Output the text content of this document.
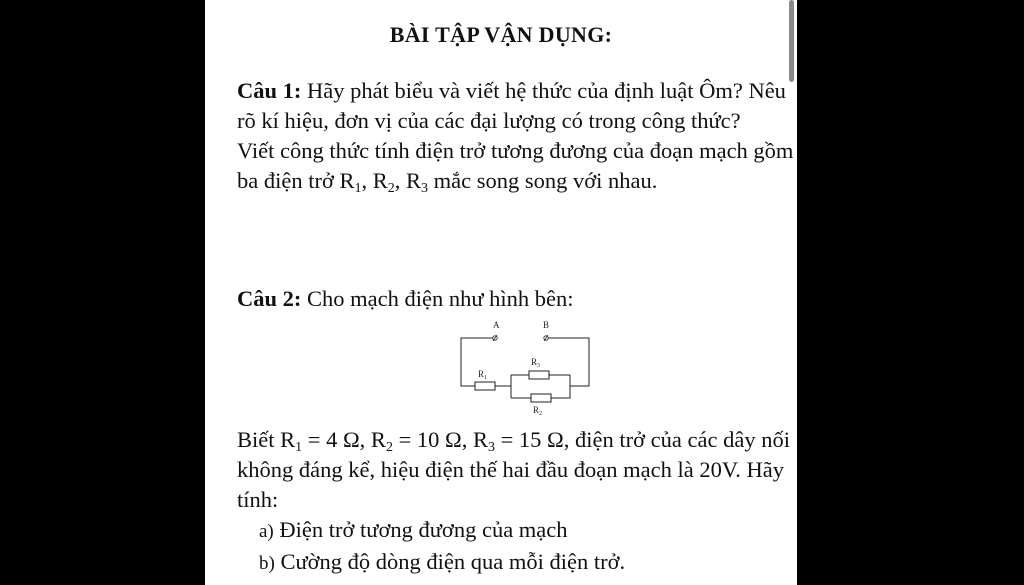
BÀI TẬP VẬN DỤNG:

Câu 1: Hãy phát biểu và viết hệ thức của định luật Ôm? Nêu rõ kí hiệu, đơn vị của các đại lượng có trong công thức?

Viết công thức tính điện trở tương đương của đoạn mạch gồm ba điện trở $R_1$, $R_2$, $R_3$ mắc song song với nhau.

Câu 2: Cho mạch điện như hình bên:

A	B
$R_1$
$R_3$
$R_2$

Biết $R_1 = 4$ Ω, $R_2 = 10$ Ω, $R_3 = 15$ Ω, điện trở của các dây nối không đáng kể, hiệu điện thế hai đầu đoạn mạch là 20V. Hãy tính:

a) Điện trở tương đương của mạch

b) Cường độ dòng điện qua mỗi điện trở.
